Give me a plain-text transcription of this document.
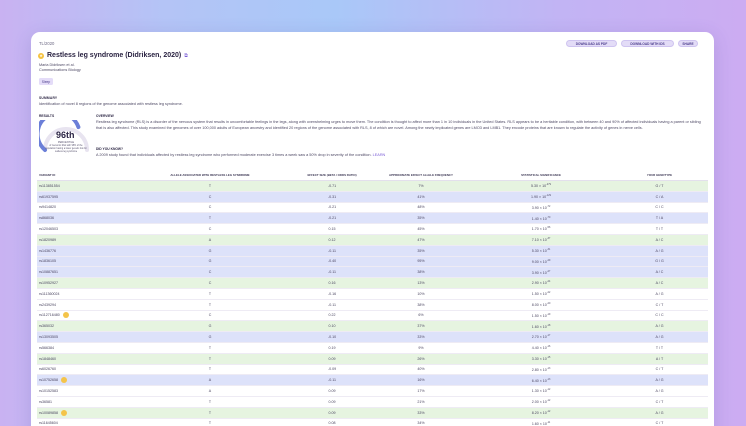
TL/2020	DOWNLOAD AS PDF	DOWNLOAD WITH IDS	SHARE
★ Restless leg syndrome (Didriksen, 2020) ⧉
Maria Didriksen et al.
Communications Biology
Sleep
SUMMARY
Identification of novel 8 regions of the genome associated with restless leg syndrome.
RESULTS
96th
PERCENTILE
of Genomic Risk with 95% of the population having a lower genetic risk for restless leg syndrome
OVERVIEW
Restless leg syndrome (RLS) is a disorder of the nervous system that results in uncomfortable feelings in the legs, along with overwhelming urges to move them. The condition is thought to affect more than 1 in 10 individuals in the United States. RLS appears to be a heritable condition, with between 40 and 90% of affected individuals having a parent or sibling that is also affected. This study examined the genomes of over 100,000 adults of European ancestry and identified 20 regions of the genome associated with RLS, 8 of which are novel. Among the newly implicated genes are LMO3 and LMB1. They encode proteins that are known to regulate the activity of genes in nerve cells.
DID YOU KNOW?
A 2009 study found that individuals affected by restless leg syndrome who performed moderate exercise 3 times a week saw a 50% drop in severity of the condition. LEARN
VARIANT ID	ALLELE ASSOCIATED WITH RESTLESS LEG SYNDROME	EFFECT SIZE (BETA / ODDS RATIO)	APPROXIMATE EFFECT ALLELE FREQUENCY	STATISTICAL SIGNIFICANCE	YOUR GENOTYPE
rs113851554	T	-0.71	7%	$5.30 \times 10^{-279}$	G / T
rs61937595	C	-0.31	41%	$1.90 \times 10^{-129}$	C / A
rs9414820	C	-0.21	48%	$3.90 \times 10^{-72}$	C / C
rs868036	T	-0.21	35%	$1.40 \times 10^{-70}$	T / A
rs12046503	C	0.15	45%	$1.70 \times 10^{-56}$	T / T
rs1820989	A	0.12	47%	$7.10 \times 10^{-37}$	A / C
rs1436776	G	-0.11	35%	$5.30 \times 10^{-31}$	A / G
rs1836105	G	-0.40	95%	$9.00 \times 10^{-29}$	G / G
rs10887651	C	-0.11	38%	$3.90 \times 10^{-27}$	A / C
rs10952927	C	0.16	13%	$2.90 \times 10^{-24}$	A / C
rs111360024	T	-0.16	10%	$1.50 \times 10^{-22}$	A / G
rs2439294	T	-0.11	38%	$8.00 \times 10^{-20}$	C / T
rs112716480	C	0.22	6%	$1.50 \times 10^{-19}$	C / C
rs365032	G	0.10	37%	$1.60 \times 10^{-18}$	A / G
rs13093505	G	-0.10	33%	$2.70 \times 10^{-17}$	A / G
rs566384	T	0.19	9%	$4.40 \times 10^{-16}$	T / T
rs1848460	T	0.09	26%	$3.30 \times 10^{-15}$	A / T
rs6026760	T	-0.09	40%	$2.80 \times 10^{-13}$	C / T
rs10752658	A	-0.11	16%	$6.40 \times 10^{-13}$	A / G
rs10152583	A	0.09	17%	$1.30 \times 10^{-12}$	A / G
rs36581	T	0.09	21%	$2.00 \times 10^{-12}$	C / T
rs10089858	T	0.09	33%	$8.20 \times 10^{-12}$	A / G
rs11645604	T	0.08	34%	$1.60 \times 10^{-11}$	C / T
